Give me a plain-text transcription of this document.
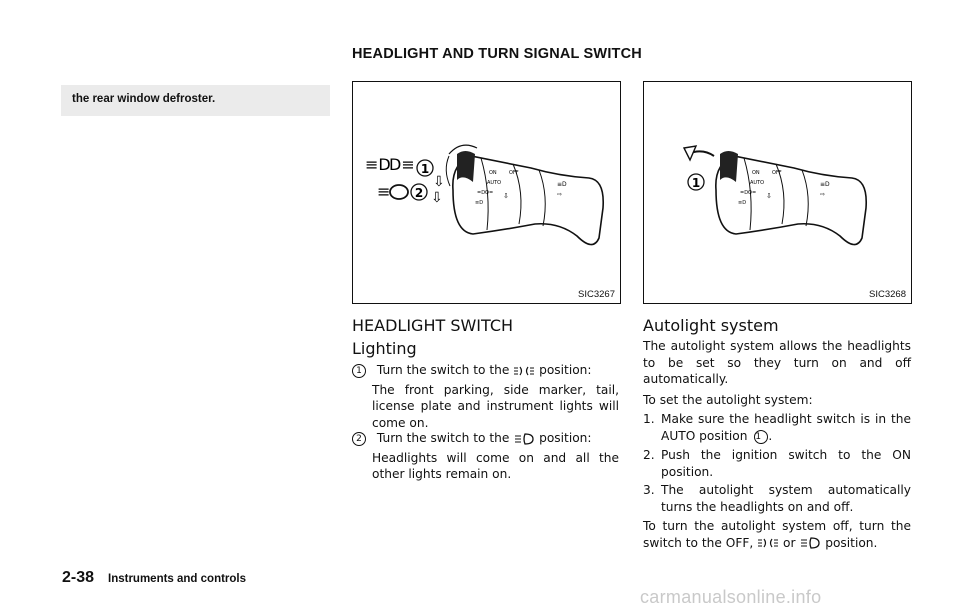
HEADLIGHT AND TURN SIGNAL SWITCH
the rear window defroster.
ON OFF
AUTO
=DO=
≡D
≡D
⇨
⇩
≡D
D≡
≡
1
2
⇩
⇩
SIC3267
ON OFF
AUTO
=DO=
≡D
≡D
⇨
⇩
1
SIC3268
HEADLIGHT SWITCH
Lighting
1 Turn the switch to the position:
The front parking, side marker, tail, license plate and instrument lights will come on.
2 Turn the switch to the position:
Headlights will come on and all the other lights remain on.
Autolight system
The autolight system allows the headlights to be set so they turn on and off automatically.
To set the autolight system:
1. Make sure the headlight switch is in the AUTO position 1 .
2. Push the ignition switch to the ON position.
3. The autolight system automatically turns the headlights on and off.
To turn the autolight system off, turn the switch to the OFF, or position.
2-38 Instruments and controls
carmanualsonline.info
